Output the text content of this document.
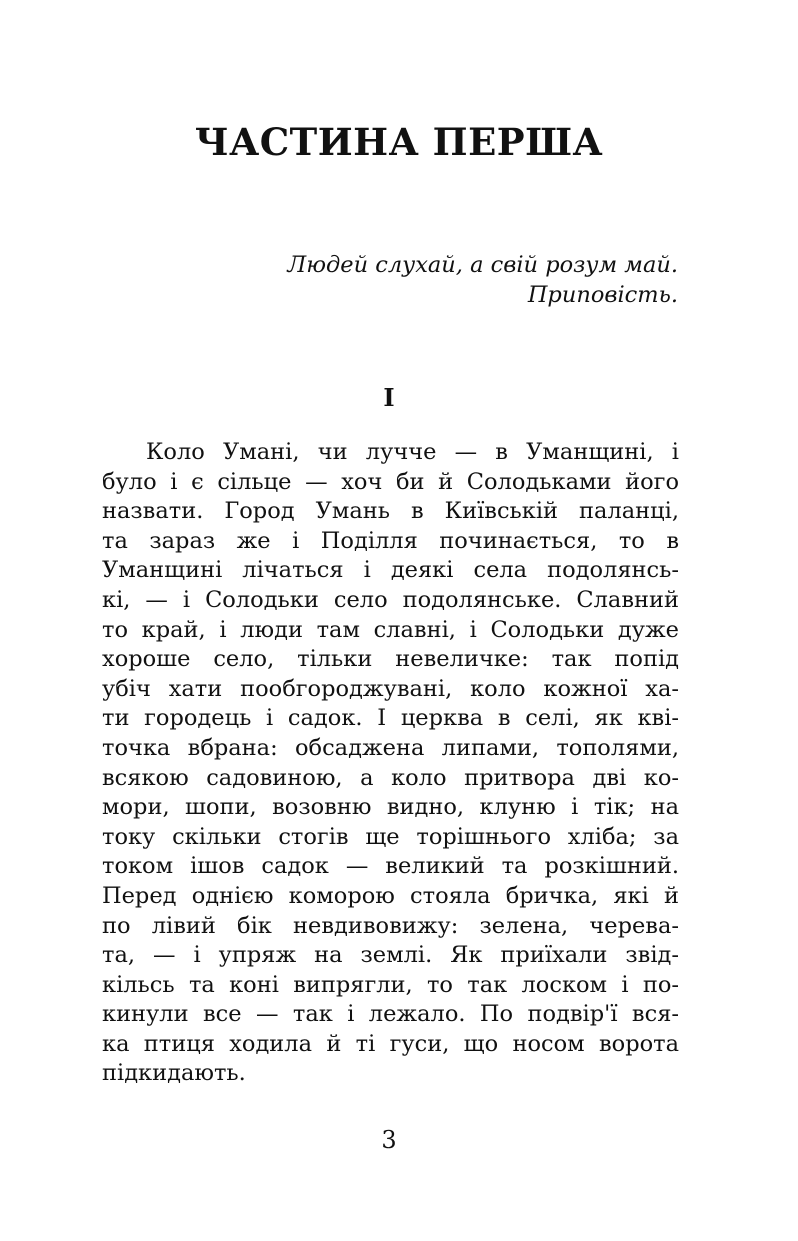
ЧАСТИНА ПЕРША
Людей слухай, а свій розум май.
Приповість.
I
Коло Умані, чи лучче — в Уманщині, і
було і є сільце — хоч би й Солодьками його
назвати. Город Умань в Київській паланці,
та зараз же і Поділля починається, то в
Уманщині лічаться і деякі села подолянсь-
кі, — і Солодьки село подолянське. Славний
то край, і люди там славні, і Солодьки дуже
хороше село, тільки невеличке: так попід
убіч хати пообгороджувані, коло кожної ха-
ти городець і садок. І церква в селі, як кві-
точка вбрана: обсаджена липами, тополями,
всякою садовиною, а коло притвора дві ко-
мори, шопи, возовню видно, клуню і тік; на
току скільки стогів ще торішнього хліба; за
током ішов садок — великий та розкішний.
Перед однією коморою стояла бричка, які й
по лівий бік невдивовижу: зелена, черева-
та, — і упряж на землі. Як приїхали звід-
кільсь та коні випрягли, то так лоском і по-
кинули все — так і лежало. По подвір'ї вся-
ка птиця ходила й ті гуси, що носом ворота
підкидають.
3
